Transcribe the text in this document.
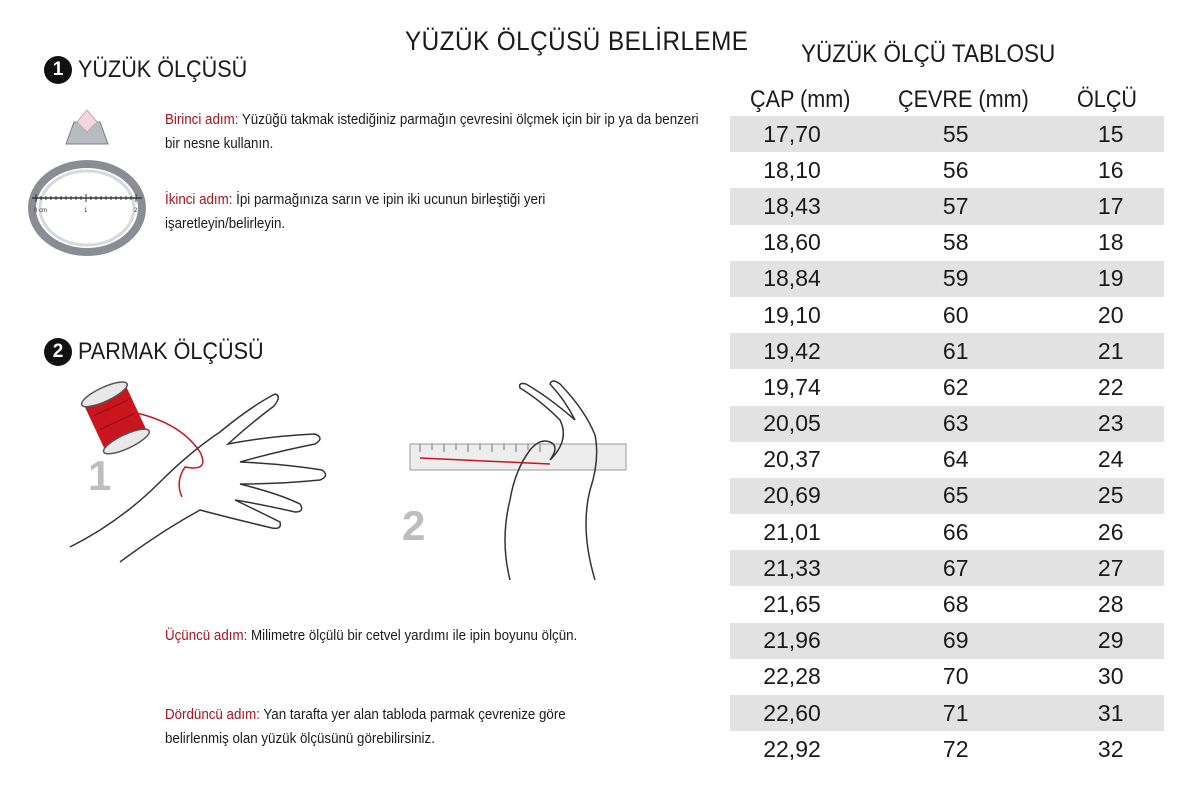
YÜZÜK ÖLÇÜSÜ BELİRLEME
1 YÜZÜK ÖLÇÜSÜ
0 cm	1	2
Birinci adım: Yüzüğü takmak istediğiniz parmağın çevresini ölçmek için bir ip ya da benzeri bir nesne kullanın.
İkinci adım: İpi parmağınıza sarın ve ipin iki ucunun birleştiği yeri işaretleyin/belirleyin.
2 PARMAK ÖLÇÜSÜ
1
2
Üçüncü adım: Milimetre ölçülü bir cetvel yardımı ile ipin boyunu ölçün.
Dördüncü adım: Yan tarafta yer alan tabloda parmak çevrenize göre belirlenmiş olan yüzük ölçüsünü görebilirsiniz.
YÜZÜK ÖLÇÜ TABLOSU
ÇAP (mm) ÇEVRE (mm) ÖLÇÜ
17,70	55	15
18,10	56	16
18,43	57	17
18,60	58	18
18,84	59	19
19,10	60	20
19,42	61	21
19,74	62	22
20,05	63	23
20,37	64	24
20,69	65	25
21,01	66	26
21,33	67	27
21,65	68	28
21,96	69	29
22,28	70	30
22,60	71	31
22,92	72	32
